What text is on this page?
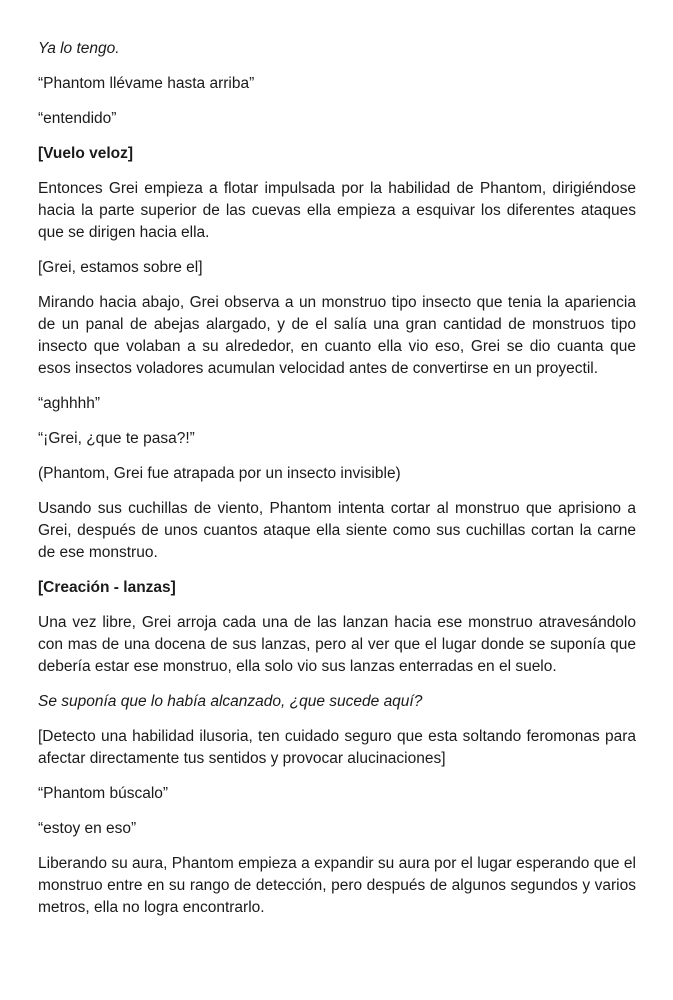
Ya lo tengo.

“Phantom llévame hasta arriba”

“entendido”

[Vuelo veloz]

Entonces Grei empieza a flotar impulsada por la habilidad de Phantom, dirigiéndose hacia la parte superior de las cuevas ella empieza a esquivar los diferentes ataques que se dirigen hacia ella.

[Grei, estamos sobre el]

Mirando hacia abajo, Grei observa a un monstruo tipo insecto que tenia la apariencia de un panal de abejas alargado, y de el salía una gran cantidad de monstruos tipo insecto que volaban a su alrededor, en cuanto ella vio eso, Grei se dio cuanta que esos insectos voladores acumulan velocidad antes de convertirse en un proyectil.

“aghhhh”

“¡Grei, ¿que te pasa?!”

(Phantom, Grei fue atrapada por un insecto invisible)

Usando sus cuchillas de viento, Phantom intenta cortar al monstruo que aprisiono a Grei, después de unos cuantos ataque ella siente como sus cuchillas cortan la carne de ese monstruo.

[Creación - lanzas]

Una vez libre, Grei arroja cada una de las lanzan hacia ese monstruo atravesándolo con mas de una docena de sus lanzas, pero al ver que el lugar donde se suponía que debería estar ese monstruo, ella solo vio sus lanzas enterradas en el suelo.

Se suponía que lo había alcanzado, ¿que sucede aquí?

[Detecto una habilidad ilusoria, ten cuidado seguro que esta soltando feromonas para afectar directamente tus sentidos y provocar alucinaciones]

“Phantom búscalo”

“estoy en eso”

Liberando su aura, Phantom empieza a expandir su aura por el lugar esperando que el monstruo entre en su rango de detección, pero después de algunos segundos y varios metros, ella no logra encontrarlo.
